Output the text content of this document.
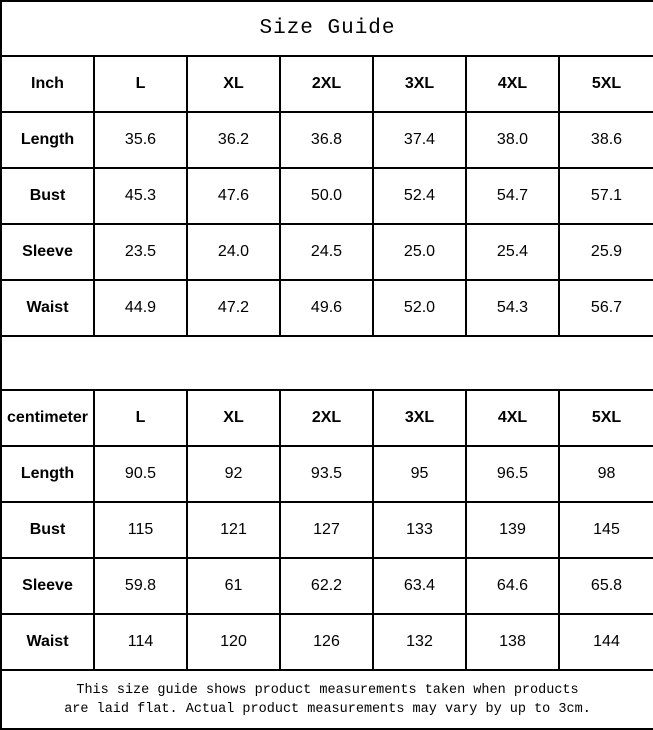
Size Guide						
Inch	L	XL	2XL	3XL	4XL	5XL
Length	35.6	36.2	36.8	37.4	38.0	38.6
Bust	45.3	47.6	50.0	52.4	54.7	57.1
Sleeve	23.5	24.0	24.5	25.0	25.4	25.9
Waist	44.9	47.2	49.6	52.0	54.3	56.7

centimeter	L	XL	2XL	3XL	4XL	5XL
Length	90.5	92	93.5	95	96.5	98
Bust	115	121	127	133	139	145
Sleeve	59.8	61	62.2	63.4	64.6	65.8
Waist	114	120	126	132	138	144

This size guide shows product measurements taken when products
are laid flat. Actual product measurements may vary by up to 3cm.						
